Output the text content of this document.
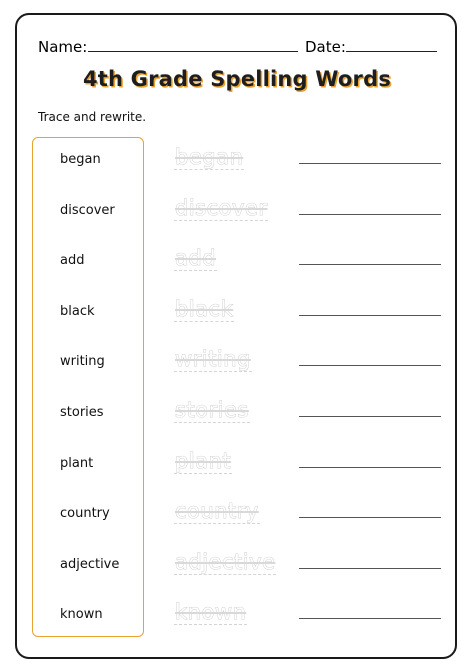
Name:	Date:
4th Grade Spelling Words
Trace and rewrite.
began	began
discover	discover
add	add
black	black
writing	writing
stories	stories
plant	plant
country	country
adjective	adjective
known	known
